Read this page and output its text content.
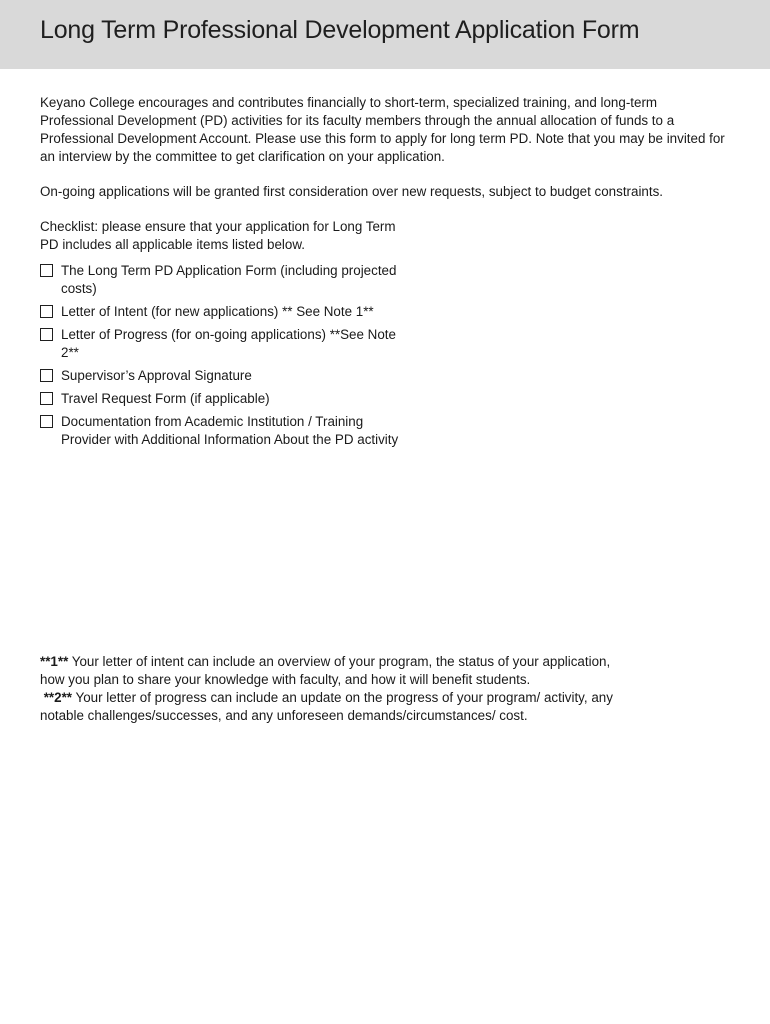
Long Term Professional Development Application Form

Keyano College encourages and contributes financially to short-term, specialized training, and long-term Professional Development (PD) activities for its faculty members through the annual allocation of funds to a Professional Development Account. Please use this form to apply for long term PD. Note that you may be invited for an interview by the committee to get clarification on your application.

On-going applications will be granted first consideration over new requests, subject to budget constraints.

Checklist: please ensure that your application for Long Term PD includes all applicable items listed below.

The Long Term PD Application Form (including projected costs)
Letter of Intent (for new applications) ** See Note 1**
Letter of Progress (for on-going applications) **See Note 2**
Supervisor’s Approval Signature
Travel Request Form (if applicable)
Documentation from Academic Institution / Training Provider with Additional Information About the PD activity

**1** Your letter of intent can include an overview of your program, the status of your application, how you plan to share your knowledge with faculty, and how it will benefit students.

**2** Your letter of progress can include an update on the progress of your program/ activity, any notable challenges/successes, and any unforeseen demands/circumstances/ cost.
